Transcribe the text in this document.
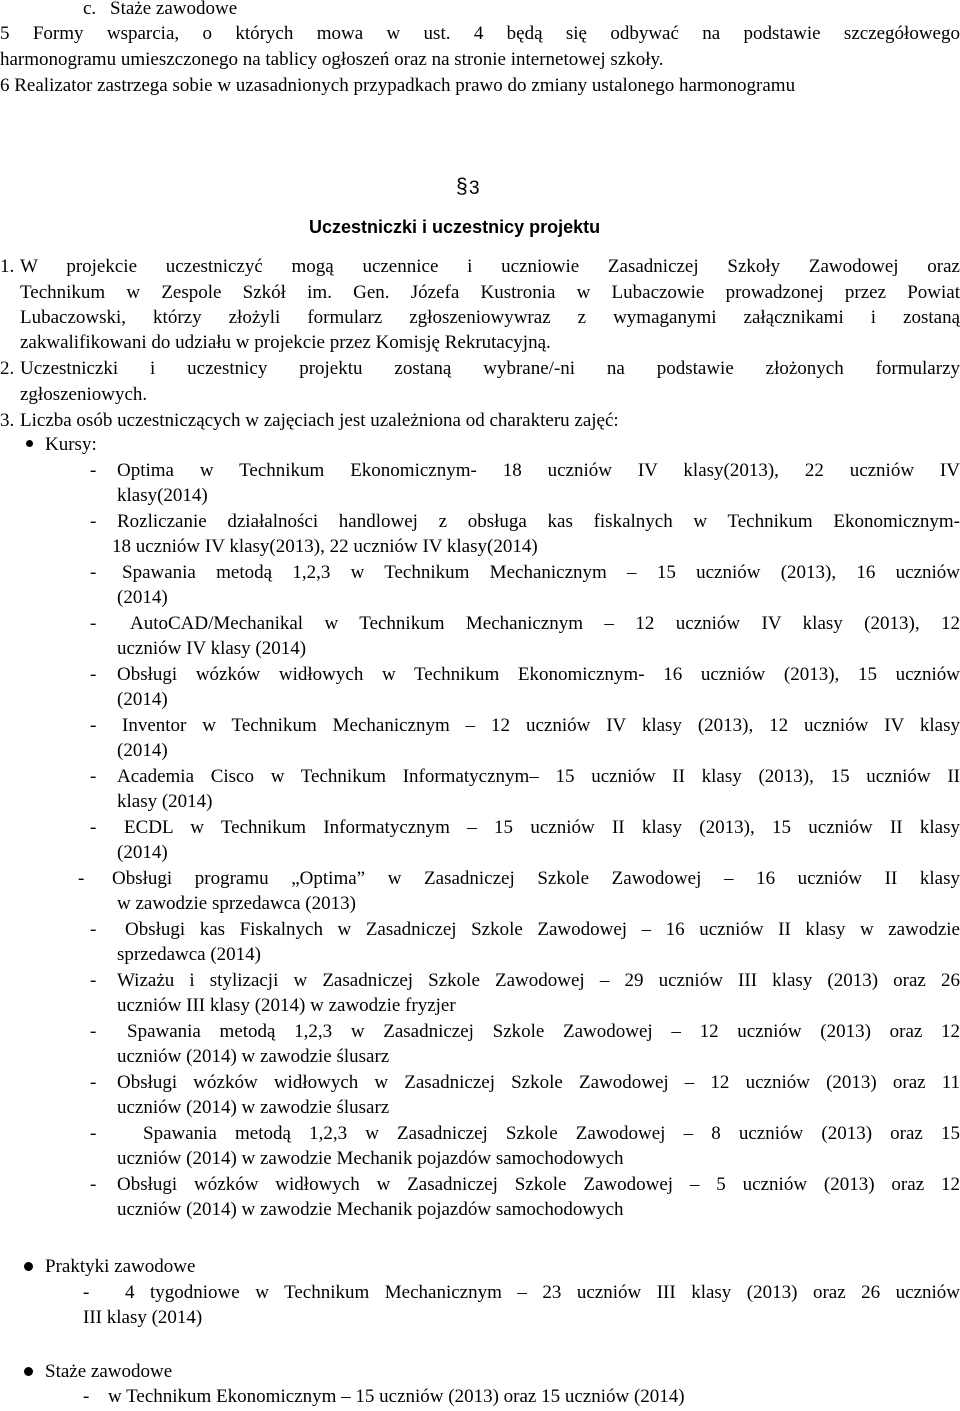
c. Staże zawodowe
5 Formy wsparcia, o których mowa w ust. 4 będą się odbywać na podstawie szczegółowego
harmonogramu umieszczonego na tablicy ogłoszeń oraz na stronie internetowej szkoły.
6 Realizator zastrzega sobie w uzasadnionych przypadkach prawo do zmiany ustalonego harmonogramu
§ 3
Uczestniczki i uczestnicy projektu
1. W projekcie uczestniczyć mogą uczennice i uczniowie Zasadniczej Szkoły Zawodowej oraz
Technikum w Zespole Szkół im. Gen. Józefa Kustronia w Lubaczowie prowadzonej przez Powiat
Lubaczowski, którzy złożyli formularz zgłoszeniowywraz z wymaganymi załącznikami i zostaną
zakwalifikowani do udziału w projekcie przez Komisję Rekrutacyjną.
2. Uczestniczki i uczestnicy projektu zostaną wybrane/-ni na podstawie złożonych formularzy
zgłoszeniowych.
3. Liczba osób uczestniczących w zajęciach jest uzależniona od charakteru zajęć:
Kursy:
- Optima w Technikum Ekonomicznym- 18 uczniów IV klasy(2013), 22 uczniów IV
klasy(2014)
- Rozliczanie działalności handlowej z obsługa kas fiskalnych w Technikum Ekonomicznym-
18 uczniów IV klasy(2013), 22 uczniów IV klasy(2014)
- Spawania metodą 1,2,3 w Technikum Mechanicznym – 15 uczniów (2013), 16 uczniów
(2014)
- AutoCAD/Mechanikal w Technikum Mechanicznym – 12 uczniów IV klasy (2013), 12
uczniów IV klasy (2014)
- Obsługi wózków widłowych w Technikum Ekonomicznym- 16 uczniów (2013), 15 uczniów
(2014)
- Inventor w Technikum Mechanicznym – 12 uczniów IV klasy (2013), 12 uczniów IV klasy
(2014)
- Academia Cisco w Technikum Informatycznym– 15 uczniów II klasy (2013), 15 uczniów II
klasy (2014)
- ECDL w Technikum Informatycznym – 15 uczniów II klasy (2013), 15 uczniów II klasy
(2014)
- Obsługi programu „Optima” w Zasadniczej Szkole Zawodowej – 16 uczniów II klasy
w zawodzie sprzedawca (2013)
- Obsługi kas Fiskalnych w Zasadniczej Szkole Zawodowej – 16 uczniów II klasy w zawodzie
sprzedawca (2014)
- Wizażu i stylizacji w Zasadniczej Szkole Zawodowej – 29 uczniów III klasy (2013) oraz 26
uczniów III klasy (2014) w zawodzie fryzjer
- Spawania metodą 1,2,3 w Zasadniczej Szkole Zawodowej – 12 uczniów (2013) oraz 12
uczniów (2014) w zawodzie ślusarz
- Obsługi wózków widłowych w Zasadniczej Szkole Zawodowej – 12 uczniów (2013) oraz 11
uczniów (2014) w zawodzie ślusarz
- Spawania metodą 1,2,3 w Zasadniczej Szkole Zawodowej – 8 uczniów (2013) oraz 15
uczniów (2014) w zawodzie Mechanik pojazdów samochodowych
- Obsługi wózków widłowych w Zasadniczej Szkole Zawodowej – 5 uczniów (2013) oraz 12
uczniów (2014) w zawodzie Mechanik pojazdów samochodowych
Praktyki zawodowe
- 4 tygodniowe w Technikum Mechanicznym – 23 uczniów III klasy (2013) oraz 26 uczniów
III klasy (2014)
Staże zawodowe
- w Technikum Ekonomicznym – 15 uczniów (2013) oraz 15 uczniów (2014)
